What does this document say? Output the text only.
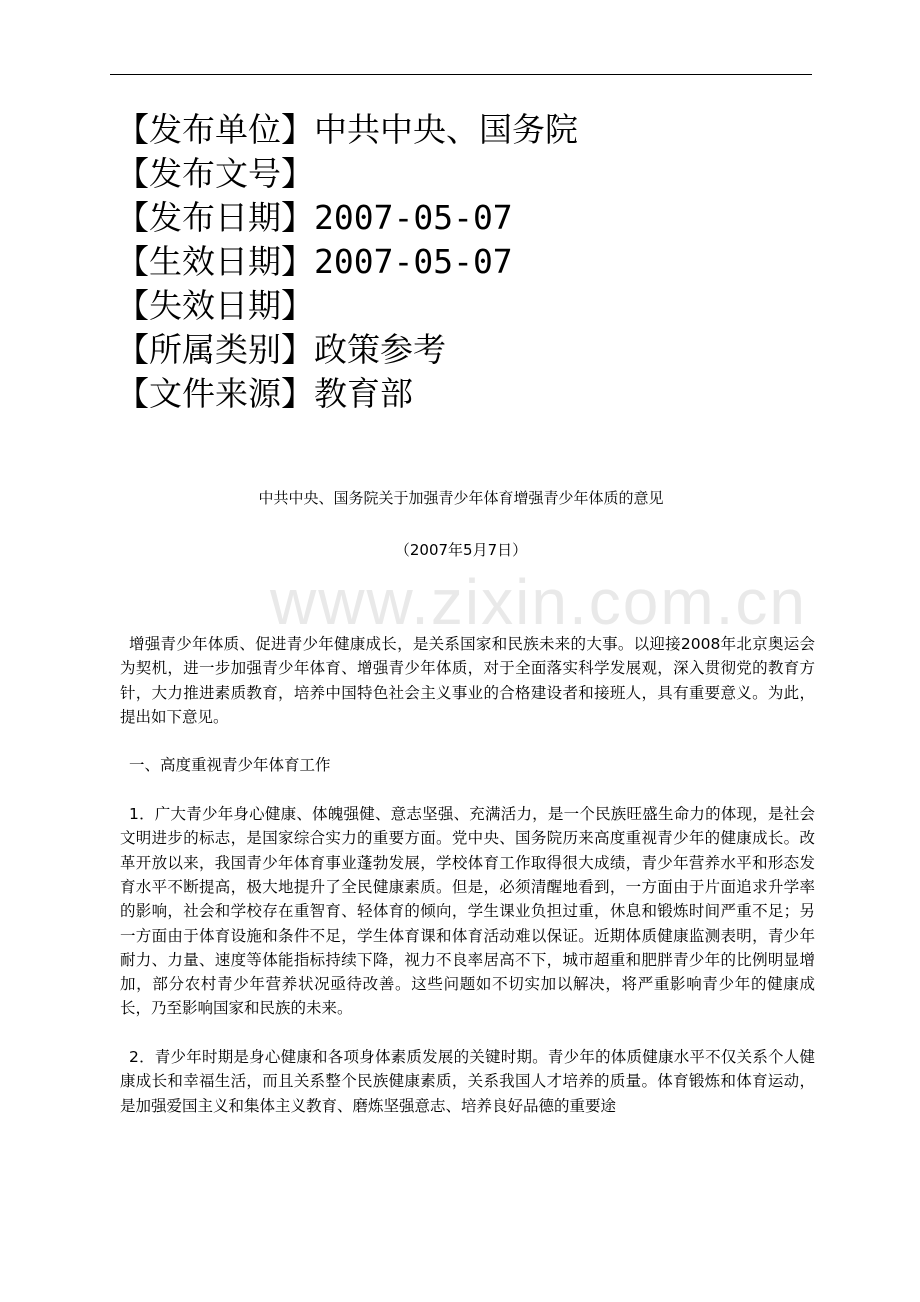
【发布单位】中共中央、国务院
【发布文号】
【发布日期】2007-05-07
【生效日期】2007-05-07
【失效日期】
【所属类别】政策参考
【文件来源】教育部
中共中央、国务院关于加强青少年体育增强青少年体质的意见
（2007年5月7日）
www.zixin.com.cn

增强青少年体质、促进青少年健康成长，是关系国家和民族未来的大事。以迎接2008年北京奥运会为契机，进一步加强青少年体育、增强青少年体质，对于全面落实科学发展观，深入贯彻党的教育方针，大力推进素质教育，培养中国特色社会主义事业的合格建设者和接班人，具有重要意义。为此，提出如下意见。

一、高度重视青少年体育工作

1．广大青少年身心健康、体魄强健、意志坚强、充满活力，是一个民族旺盛生命力的体现，是社会文明进步的标志，是国家综合实力的重要方面。党中央、国务院历来高度重视青少年的健康成长。改革开放以来，我国青少年体育事业蓬勃发展，学校体育工作取得很大成绩，青少年营养水平和形态发育水平不断提高，极大地提升了全民健康素质。但是，必须清醒地看到，一方面由于片面追求升学率的影响，社会和学校存在重智育、轻体育的倾向，学生课业负担过重，休息和锻炼时间严重不足；另一方面由于体育设施和条件不足，学生体育课和体育活动难以保证。近期体质健康监测表明，青少年耐力、力量、速度等体能指标持续下降，视力不良率居高不下，城市超重和肥胖青少年的比例明显增加，部分农村青少年营养状况亟待改善。这些问题如不切实加以解决，将严重影响青少年的健康成长，乃至影响国家和民族的未来。

2．青少年时期是身心健康和各项身体素质发展的关键时期。青少年的体质健康水平不仅关系个人健康成长和幸福生活，而且关系整个民族健康素质，关系我国人才培养的质量。体育锻炼和体育运动，是加强爱国主义和集体主义教育、磨炼坚强意志、培养良好品德的重要途
